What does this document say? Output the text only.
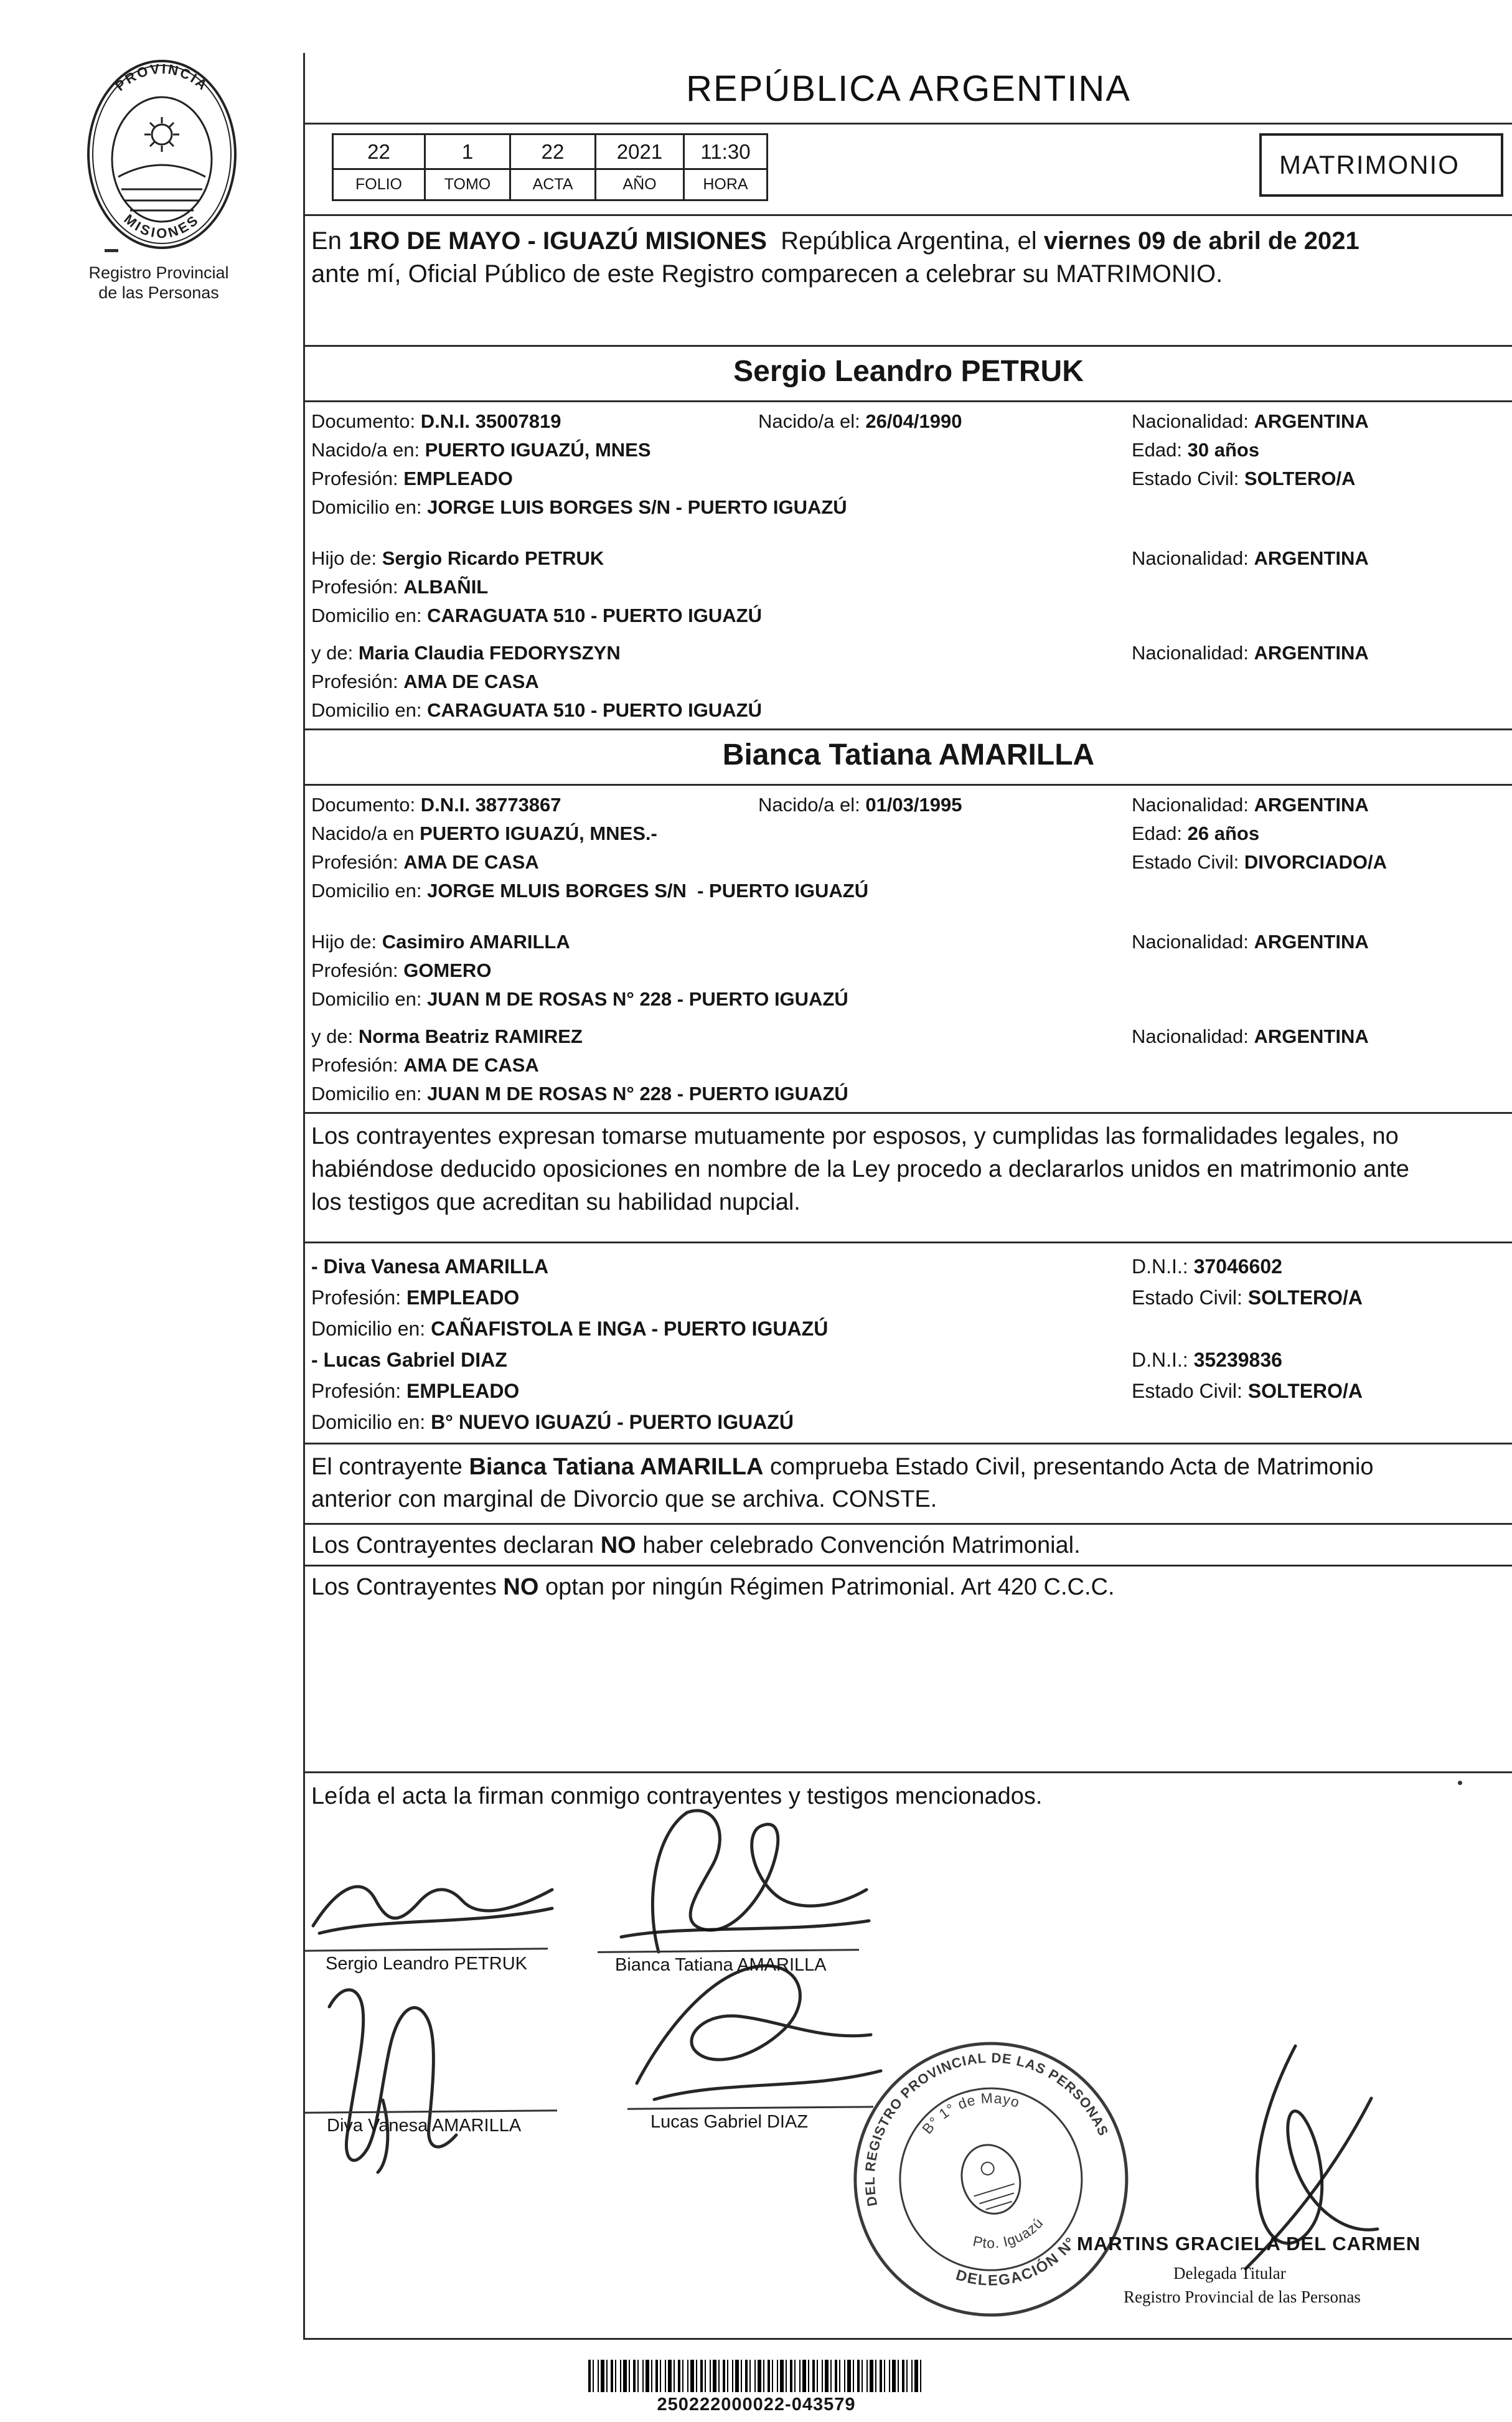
PROVINCIA
MISIONES
Registro Provincial
de las Personas
REPÚBLICA ARGENTINA
22	1	22	2021	11:30
FOLIO	TOMO	ACTA	AÑO	HORA
MATRIMONIO
En 1RO DE MAYO - IGUAZÚ MISIONES  República Argentina, el viernes 09 de abril de 2021
ante mí, Oficial Público de este Registro comparecen a celebrar su MATRIMONIO.
Sergio Leandro PETRUK
Documento: D.N.I. 35007819	Nacido/a el: 26/04/1990	Nacionalidad: ARGENTINA
Nacido/a en: PUERTO IGUAZÚ, MNES	Edad: 30 años
Profesión: EMPLEADO	Estado Civil: SOLTERO/A
Domicilio en: JORGE LUIS BORGES S/N - PUERTO IGUAZÚ
Hijo de: Sergio Ricardo PETRUK	Nacionalidad: ARGENTINA
Profesión: ALBAÑIL
Domicilio en: CARAGUATA 510 - PUERTO IGUAZÚ
y de: Maria Claudia FEDORYSZYN	Nacionalidad: ARGENTINA
Profesión: AMA DE CASA
Domicilio en: CARAGUATA 510 - PUERTO IGUAZÚ
Bianca Tatiana AMARILLA
Documento: D.N.I. 38773867	Nacido/a el: 01/03/1995	Nacionalidad: ARGENTINA
Nacido/a en PUERTO IGUAZÚ, MNES.-	Edad: 26 años
Profesión: AMA DE CASA	Estado Civil: DIVORCIADO/A
Domicilio en: JORGE MLUIS BORGES S/N  - PUERTO IGUAZÚ
Hijo de: Casimiro AMARILLA	Nacionalidad: ARGENTINA
Profesión: GOMERO
Domicilio en: JUAN M DE ROSAS N° 228 - PUERTO IGUAZÚ
y de: Norma Beatriz RAMIREZ	Nacionalidad: ARGENTINA
Profesión: AMA DE CASA
Domicilio en: JUAN M DE ROSAS N° 228 - PUERTO IGUAZÚ
Los contrayentes expresan tomarse mutuamente por esposos, y cumplidas las formalidades legales, no
habiéndose deducido oposiciones en nombre de la Ley procedo a declararlos unidos en matrimonio ante
los testigos que acreditan su habilidad nupcial.
- Diva Vanesa AMARILLA	D.N.I.: 37046602
Profesión: EMPLEADO	Estado Civil: SOLTERO/A
Domicilio en: CAÑAFISTOLA E INGA - PUERTO IGUAZÚ
- Lucas Gabriel DIAZ	D.N.I.: 35239836
Profesión: EMPLEADO	Estado Civil: SOLTERO/A
Domicilio en: B° NUEVO IGUAZÚ - PUERTO IGUAZÚ
El contrayente Bianca Tatiana AMARILLA comprueba Estado Civil, presentando Acta de Matrimonio
anterior con marginal de Divorcio que se archiva. CONSTE.
Los Contrayentes declaran NO haber celebrado Convención Matrimonial.
Los Contrayentes NO optan por ningún Régimen Patrimonial. Art 420 C.C.C.
Leída el acta la firman conmigo contrayentes y testigos mencionados.
Sergio Leandro PETRUK	Bianca Tatiana AMARILLA
Diva Vanesa AMARILLA	Lucas Gabriel DIAZ
DEL REGISTRO PROVINCIAL DE LAS PERSONAS
DELEGACIÓN N°
B° 1° de Mayo
Pto. Iguazú
MARTINS GRACIELA DEL CARMEN
Delegada Titular
Registro Provincial de las Personas
250222000022-043579
